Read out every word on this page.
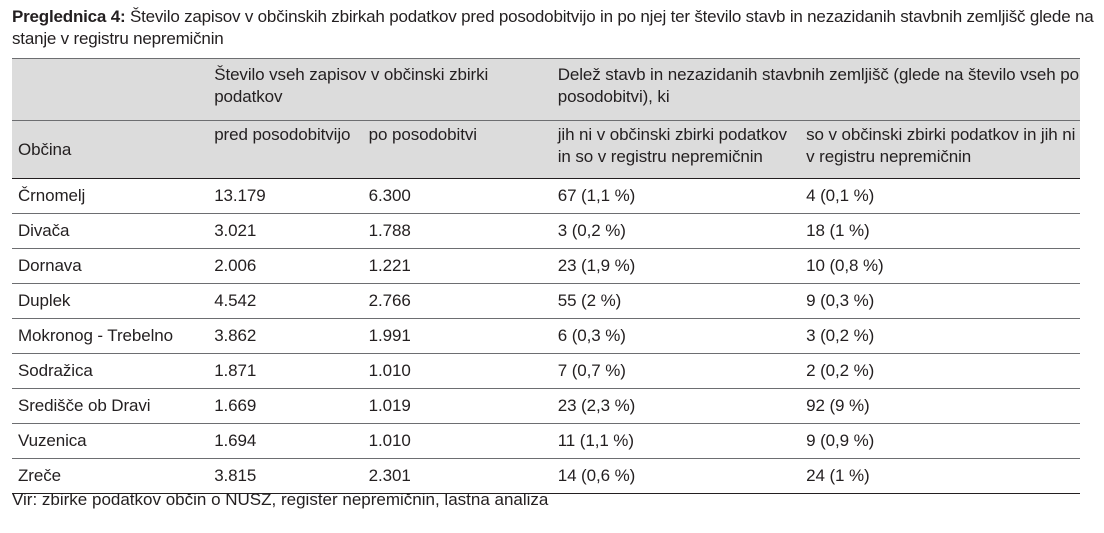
Preglednica 4: Število zapisov v občinskih zbirkah podatkov pred posodobitvijo in po njej ter število stavb in nezazidanih stavbnih zemljišč glede na stanje v registru nepremičnin
	Število vseh zapisov v občinski zbirki podatkov		Delež stavb in nezazidanih stavbnih zemljišč (glede na število vseh po posodobitvi), ki	
Občina	pred posodobitvijo	po posodobitvi	jih ni v občinski zbirki podatkov in so v registru nepremičnin	so v občinski zbirki podatkov in jih ni v registru nepremičnin
Črnomelj	13.179	6.300	67 (1,1 %)	4 (0,1 %)
Divača	3.021	1.788	3 (0,2 %)	18 (1 %)
Dornava	2.006	1.221	23 (1,9 %)	10 (0,8 %)
Duplek	4.542	2.766	55 (2 %)	9 (0,3 %)
Mokronog - Trebelno	3.862	1.991	6 (0,3 %)	3 (0,2 %)
Sodražica	1.871	1.010	7 (0,7 %)	2 (0,2 %)
Središče ob Dravi	1.669	1.019	23 (2,3 %)	92 (9 %)
Vuzenica	1.694	1.010	11 (1,1 %)	9 (0,9 %)
Zreče	3.815	2.301	14 (0,6 %)	24 (1 %)
Vir: zbirke podatkov občin o NUSZ, register nepremičnin, lastna analiza
